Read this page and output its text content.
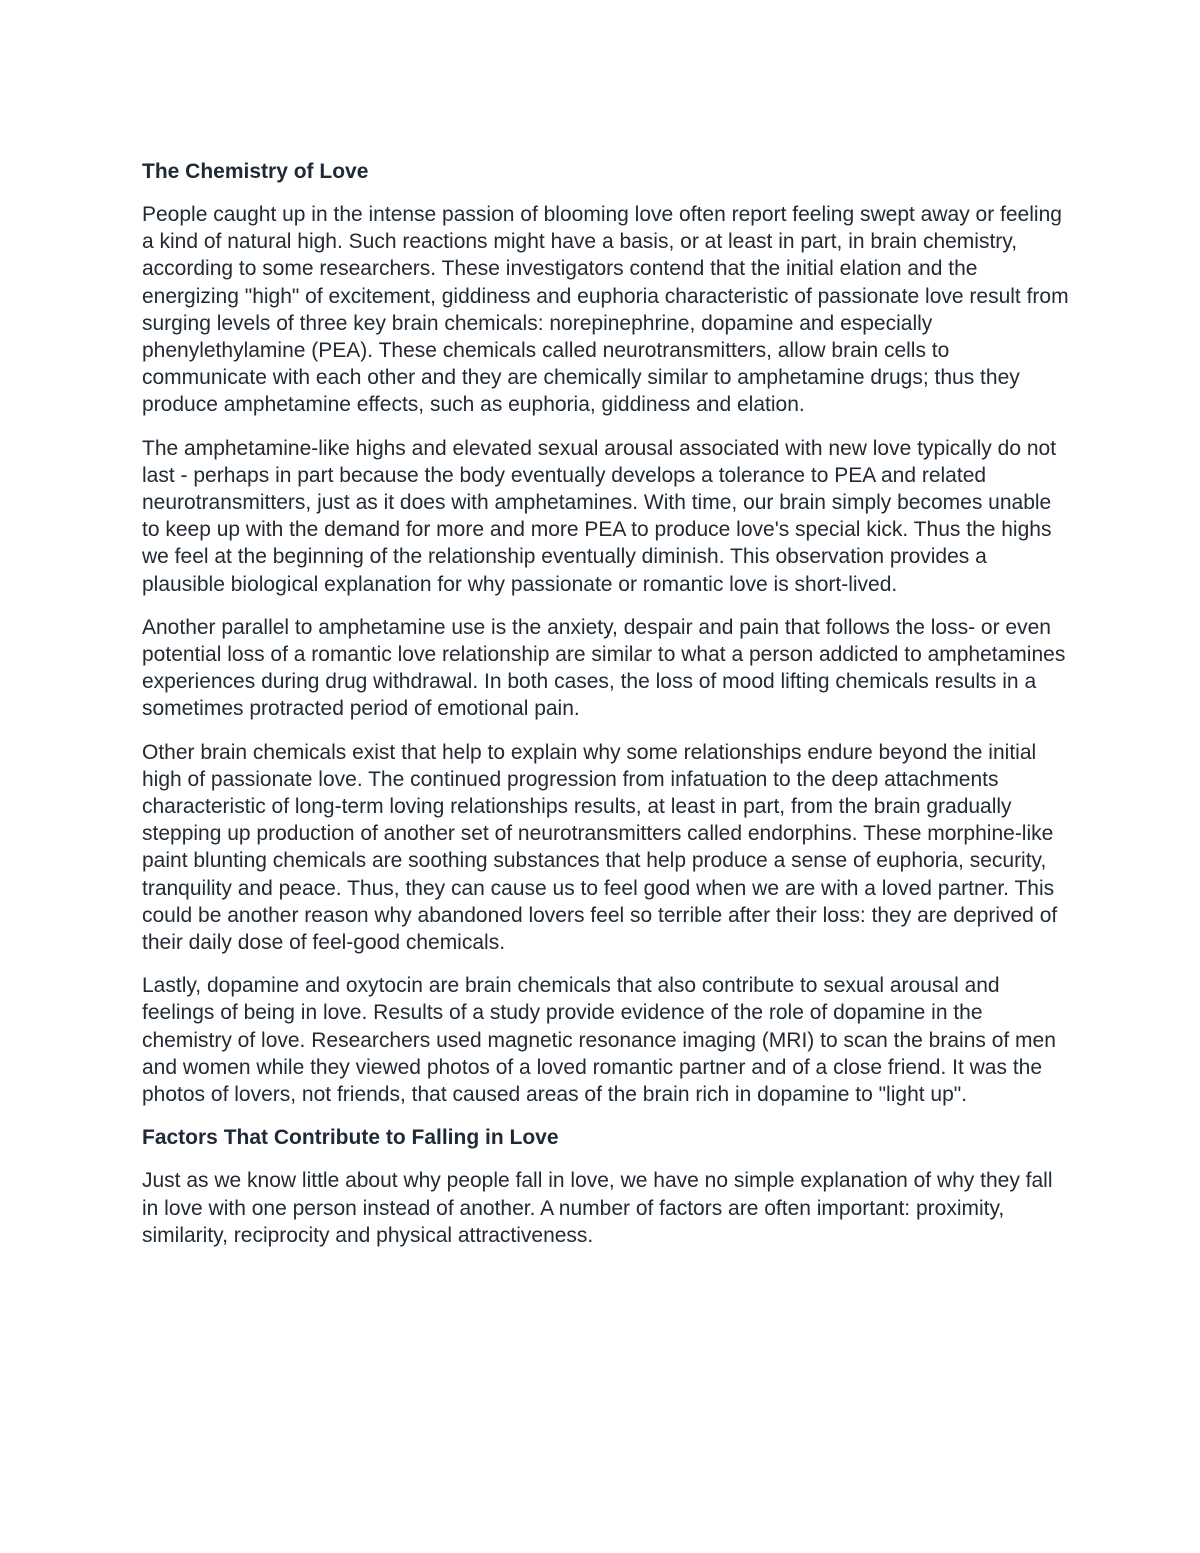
The Chemistry of Love

People caught up in the intense passion of blooming love often report feeling swept away or feeling a kind of natural high. Such reactions might have a basis, or at least in part, in brain chemistry, according to some researchers. These investigators contend that the initial elation and the energizing "high" of excitement, giddiness and euphoria characteristic of passionate love result from surging levels of three key brain chemicals: norepinephrine, dopamine and especially phenylethylamine (PEA). These chemicals called neurotransmitters, allow brain cells to communicate with each other and they are chemically similar to amphetamine drugs; thus they produce amphetamine effects, such as euphoria, giddiness and elation.

The amphetamine-like highs and elevated sexual arousal associated with new love typically do not last - perhaps in part because the body eventually develops a tolerance to PEA and related neurotransmitters, just as it does with amphetamines. With time, our brain simply becomes unable to keep up with the demand for more and more PEA to produce love's special kick. Thus the highs we feel at the beginning of the relationship eventually diminish. This observation provides a plausible biological explanation for why passionate or romantic love is short-lived.

Another parallel to amphetamine use is the anxiety, despair and pain that follows the loss- or even potential loss of a romantic love relationship are similar to what a person addicted to amphetamines experiences during drug withdrawal. In both cases, the loss of mood lifting chemicals results in a sometimes protracted period of emotional pain.

Other brain chemicals exist that help to explain why some relationships endure beyond the initial high of passionate love. The continued progression from infatuation to the deep attachments characteristic of long-term loving relationships results, at least in part, from the brain gradually stepping up production of another set of neurotransmitters called endorphins. These morphine-like paint blunting chemicals are soothing substances that help produce a sense of euphoria, security, tranquility and peace. Thus, they can cause us to feel good when we are with a loved partner. This could be another reason why abandoned lovers feel so terrible after their loss: they are deprived of their daily dose of feel-good chemicals.

Lastly, dopamine and oxytocin are brain chemicals that also contribute to sexual arousal and feelings of being in love. Results of a study provide evidence of the role of dopamine in the chemistry of love. Researchers used magnetic resonance imaging (MRI) to scan the brains of men and women while they viewed photos of a loved romantic partner and of a close friend. It was the photos of lovers, not friends, that caused areas of the brain rich in dopamine to "light up".

Factors That Contribute to Falling in Love

Just as we know little about why people fall in love, we have no simple explanation of why they fall in love with one person instead of another. A number of factors are often important: proximity, similarity, reciprocity and physical attractiveness.
